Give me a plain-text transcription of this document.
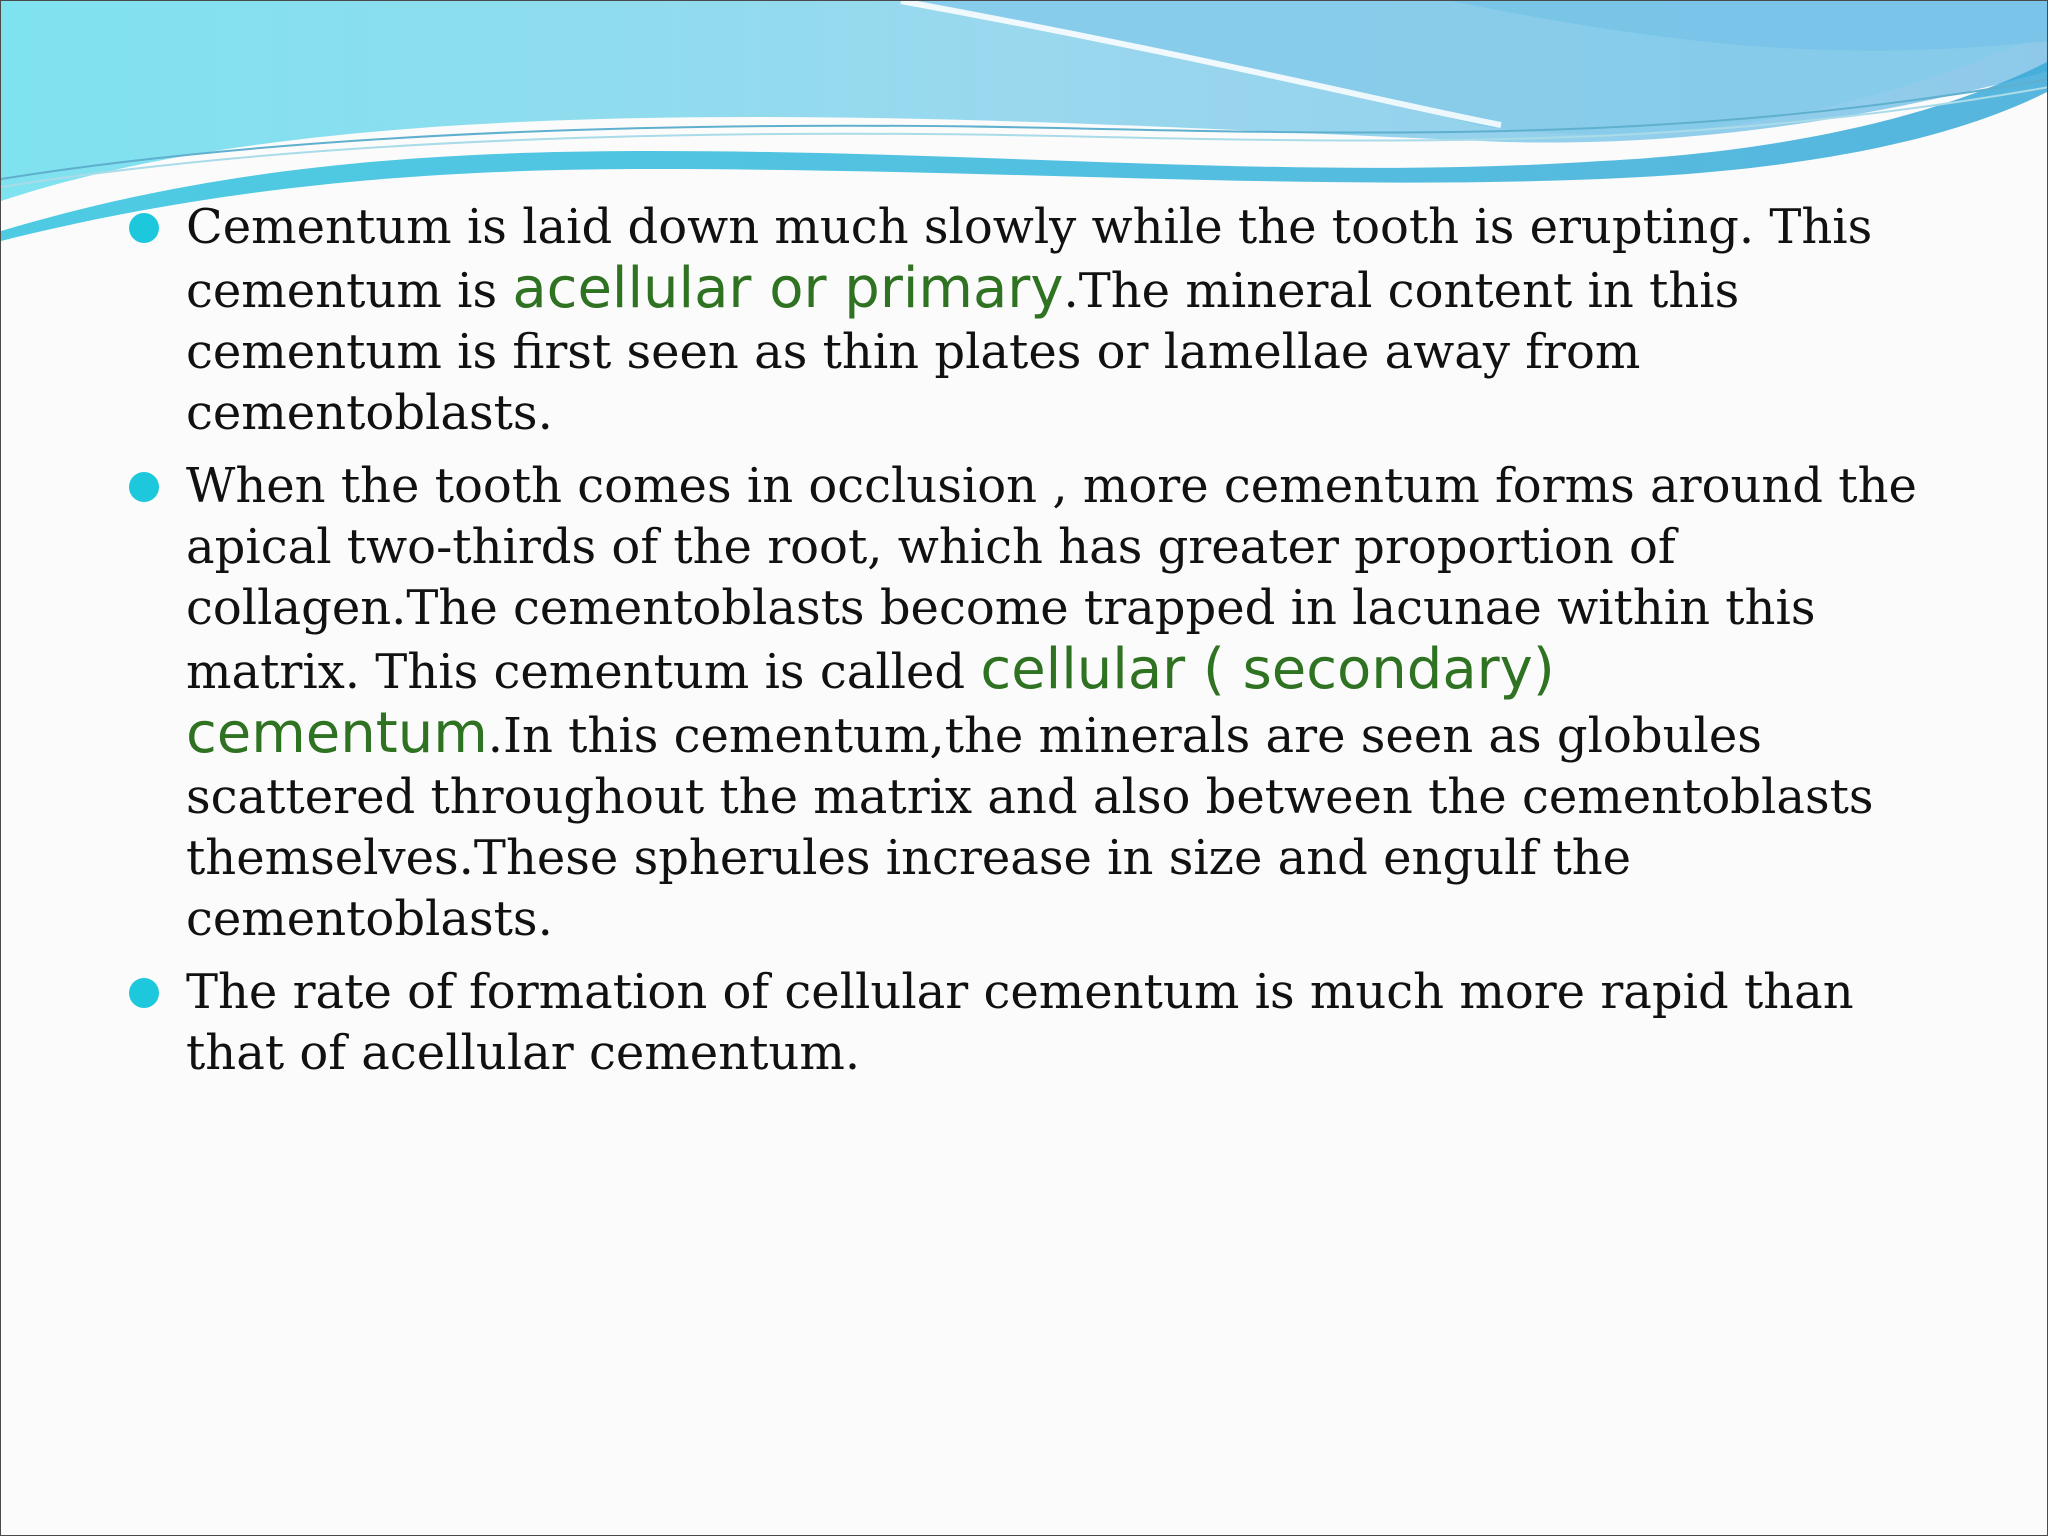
Cementum is laid down much slowly while the tooth is erupting. This cementum is acellular or primary.The mineral content in this cementum is first seen as thin plates or lamellae away from cementoblasts.
When the tooth comes in occlusion , more cementum forms around the apical two-thirds of the root, which has greater proportion of collagen.The cementoblasts become trapped in lacunae within this matrix. This cementum is called cellular ( secondary) cementum.In this cementum,the minerals are seen as globules scattered throughout the matrix and also between the cementoblasts themselves.These spherules increase in size and engulf the cementoblasts.
The rate of formation of cellular cementum is much more rapid than that of acellular cementum.
